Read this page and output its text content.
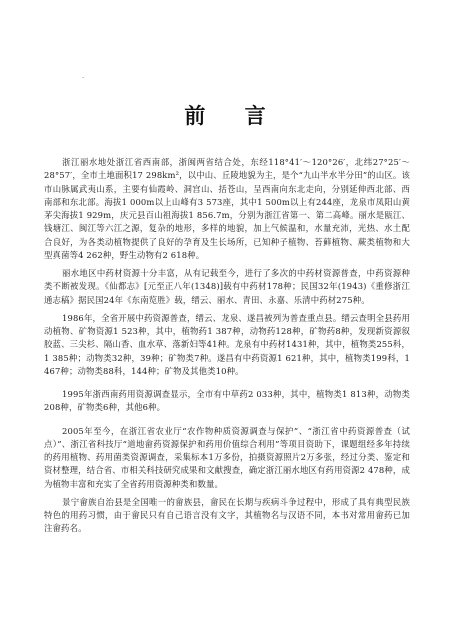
·
前 言

浙江丽水地处浙江省西南部，浙闽两省结合处，东经118°41′～120°26′，北纬27°25′～28°57′，全市土地面积17 298km²，以中山、丘陵地貌为主，是个“九山半水半分田”的山区。该市山脉属武夷山系，主要有仙霞岭、洞宫山、括苍山，呈西南向东北走向，分别延伸西北部、西南部和东北部。海拔1 000m以上山峰有3 573座，其中1 500m以上有244座，龙泉市凤阳山黄茅尖海拔1 929m，庆元县百山祖海拔1 856.7m，分别为浙江省第一、第二高峰。丽水是瓯江、钱塘江、闽江等六江之源，复杂的地形，多样的地貌，加上气候温和，水量充沛，光热、水土配合良好，为各类动植物提供了良好的孕育及生长场所，已知种子植物、苔藓植物、蕨类植物和大型真菌等4 262种，野生动物有2 618种。

丽水地区中药材资源十分丰富，从有记载至今，进行了多次的中药材资源普查，中药资源种类不断被发现。《仙都志》[元至正八年(1348)]载有中药材178种；民国32年(1943)《重修浙江通志稿》据民国24年《东南览胜》载，缙云、丽水、青田、永嘉、乐清中药材275种。

1986年，全省开展中药资源普查，缙云、龙泉、遂昌被列为普查重点县。缙云查明全县药用动植物、矿物资源1 523种，其中，植物药1 387种，动物药128种，矿物药8种，发现新资源叙胶蓝、三尖杉、隔山香、血水草、落新妇等41种。龙泉有中药材1431种，其中，植物类255科，1 385种；动物类32种，39种；矿物类7种。遂昌有中药资源1 621种，其中，植物类199科，1 467种；动物类88科，144种；矿物及其他类10种。

1995年浙西南药用资源调查显示，全市有中草药2 033种，其中，植物类1 813种，动物类208种，矿物类6种，其他6种。

2005年至今，在浙江省农业厅“农作物种质资源调查与保护”、“浙江省中药资源普查（试点）”、浙江省科技厅“道地畲药资源保护和药用价值综合利用”等项目资助下，课题组经多年持续的药用植物、药用菌类资源调查，采集标本1万多份，拍摄资源照片2万多张，经过分类、鉴定和资材整理，结合省、市相关科技研究成果和文献搜查，确定浙江丽水地区有药用资源2 478种，成为植物丰富和充实了全省药用资源种类和数量。

景宁畲族自治县是全国唯一的畲族县，畲民在长期与疾病斗争过程中，形成了具有典型民族特色的用药习惯，由于畲民只有自己语言没有文字，其植物名与汉语不同，本书对常用畲药已加注畲药名。
